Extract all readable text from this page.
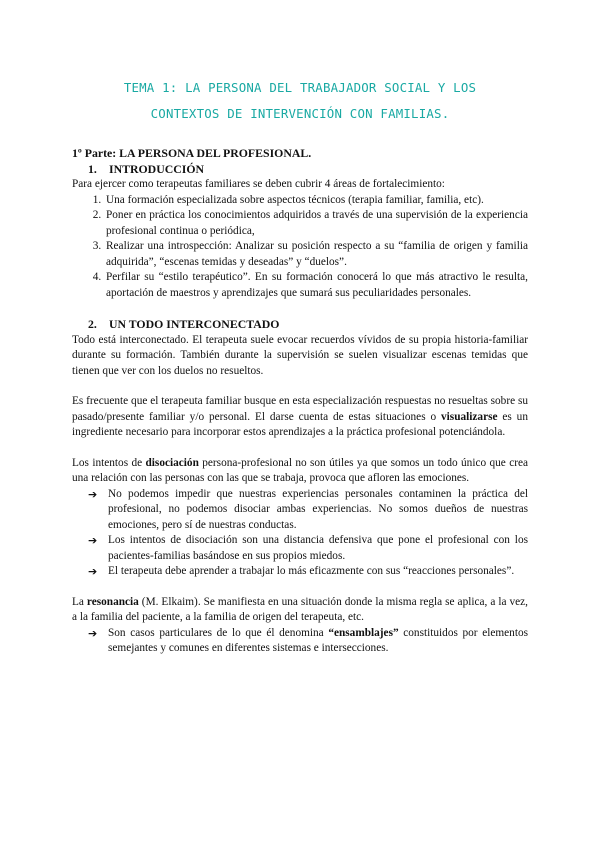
TEMA 1: LA PERSONA DEL TRABAJADOR SOCIAL Y LOS
CONTEXTOS DE INTERVENCIÓN CON FAMILIAS.
1º Parte: LA PERSONA DEL PROFESIONAL.
1.	INTRODUCCIÓN

Para ejercer como terapeutas familiares se deben cubrir 4 áreas de fortalecimiento:

1. Una formación especializada sobre aspectos técnicos (terapia familiar, familia, etc).
2. Poner en práctica los conocimientos adquiridos a través de una supervisión de la experiencia profesional continua o periódica,
3. Realizar una introspección: Analizar su posición respecto a su “familia de origen y familia adquirida”, “escenas temidas y deseadas” y “duelos”.
4. Perfilar su “estilo terapéutico”. En su formación conocerá lo que más atractivo le resulta, aportación de maestros y aprendizajes que sumará sus peculiaridades personales.
2.	UN TODO INTERCONECTADO

Todo está interconectado. El terapeuta suele evocar recuerdos vívidos de su propia historia-familiar durante su formación. También durante la supervisión se suelen visualizar escenas temidas que tienen que ver con los duelos no resueltos.

Es frecuente que el terapeuta familiar busque en esta especialización respuestas no resueltas sobre su pasado/presente familiar y/o personal. El darse cuenta de estas situaciones o visualizarse es un ingrediente necesario para incorporar estos aprendizajes a la práctica profesional potenciándola.

Los intentos de disociación persona-profesional no son útiles ya que somos un todo único que crea una relación con las personas con las que se trabaja, provoca que afloren las emociones.

➔ No podemos impedir que nuestras experiencias personales contaminen la práctica del profesional, no podemos disociar ambas experiencias. No somos dueños de nuestras emociones, pero sí de nuestras conductas.
➔ Los intentos de disociación son una distancia defensiva que pone el profesional con los pacientes-familias basándose en sus propios miedos.
➔ El terapeuta debe aprender a trabajar lo más eficazmente con sus “reacciones personales”.

La resonancia (M. Elkaim). Se manifiesta en una situación donde la misma regla se aplica, a la vez, a la familia del paciente, a la familia de origen del terapeuta, etc.

➔ Son casos particulares de lo que él denomina “ensamblajes” constituidos por elementos semejantes y comunes en diferentes sistemas e intersecciones.
